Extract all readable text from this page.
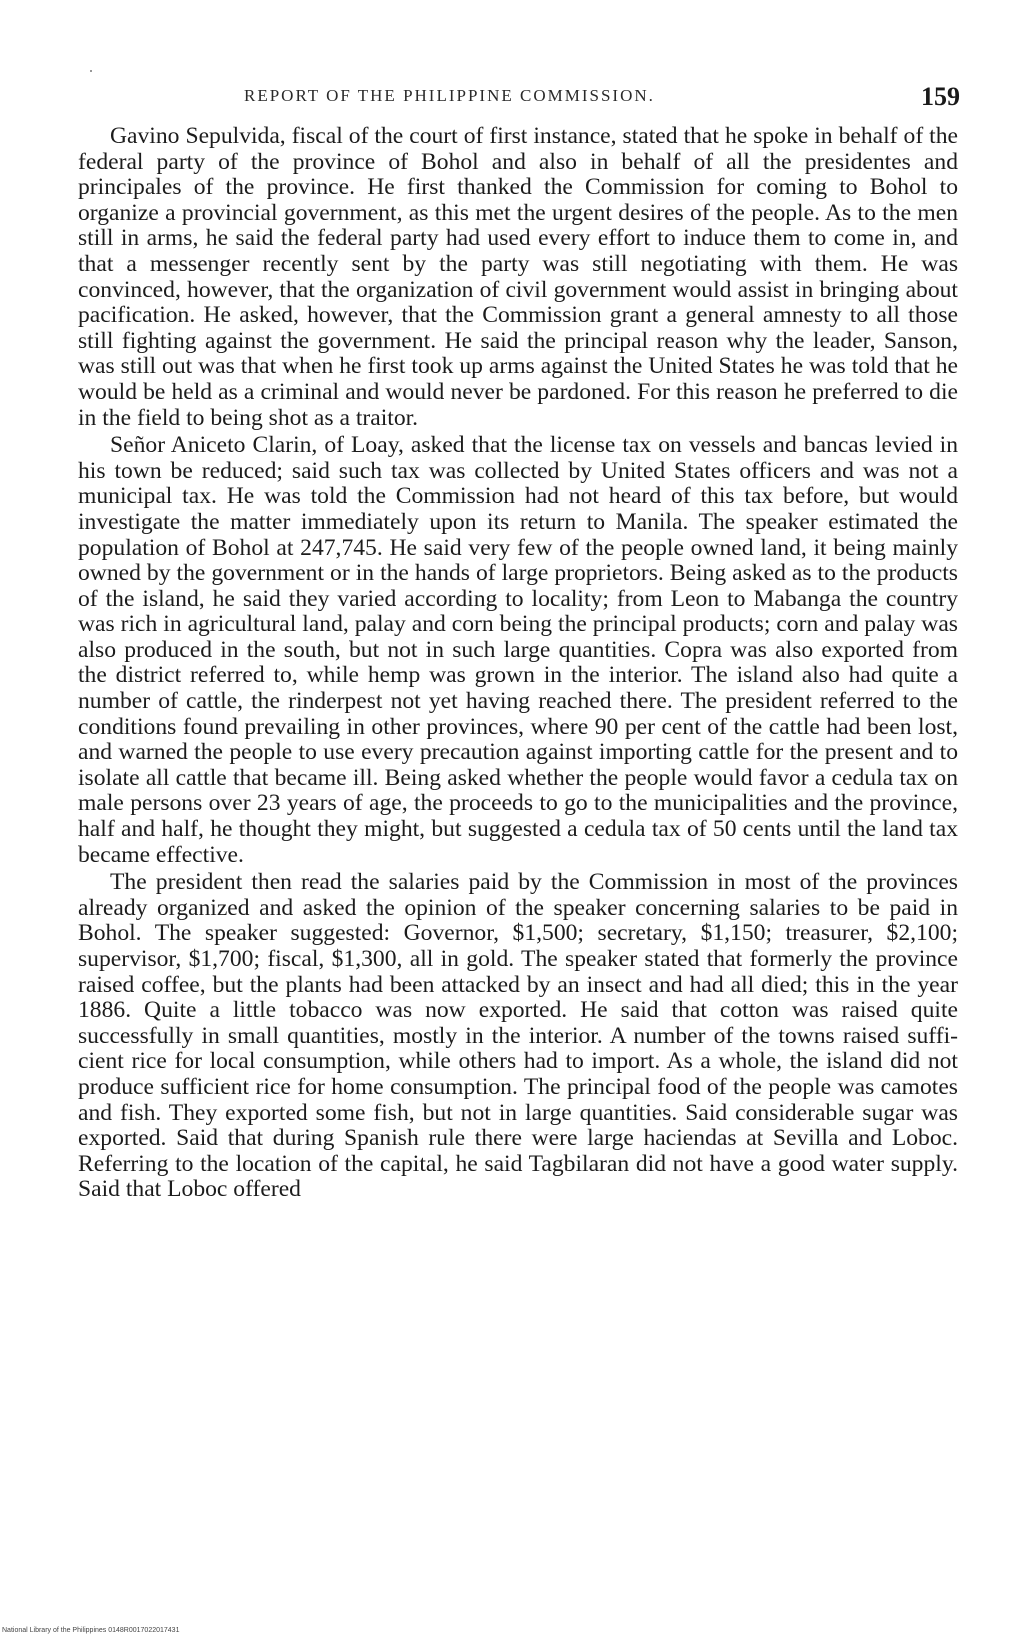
REPORT OF THE PHILIPPINE COMMISSION.	159

Gavino Sepulvida, fiscal of the court of first instance, stated that he spoke in behalf of the federal party of the province of Bohol and also in behalf of all the presidentes and principales of the province. He first thanked the Commission for coming to Bohol to organize a provincial government, as this met the urgent desires of the people. As to the men still in arms, he said the federal party had used every effort to induce them to come in, and that a messenger recently sent by the party was still negotiating with them. He was convinced, however, that the organization of civil government would assist in bringing about pacification. He asked, however, that the Commission grant a general amnesty to all those still fighting against the government. He said the principal reason why the leader, Sanson, was still out was that when he first took up arms against the United States he was told that he would be held as a criminal and would never be pardoned. For this reason he preferred to die in the field to being shot as a traitor.

Señor Aniceto Clarin, of Loay, asked that the license tax on vessels and bancas levied in his town be reduced; said such tax was collected by United States officers and was not a municipal tax. He was told the Commission had not heard of this tax before, but would investigate the matter immediately upon its return to Manila. The speaker estimated the population of Bohol at 247,745. He said very few of the people owned land, it being mainly owned by the government or in the hands of large proprietors. Being asked as to the products of the island, he said they varied according to locality; from Leon to Mabanga the country was rich in agricultural land, palay and corn being the principal products; corn and palay was also produced in the south, but not in such large quantities. Copra was also exported from the district referred to, while hemp was grown in the interior. The island also had quite a number of cattle, the rinderpest not yet having reached there. The president referred to the conditions found prevailing in other provinces, where 90 per cent of the cattle had been lost, and warned the people to use every precaution against importing cattle for the present and to isolate all cattle that became ill. Being asked whether the people would favor a cedula tax on male persons over 23 years of age, the proceeds to go to the municipalities and the province, half and half, he thought they might, but suggested a cedula tax of 50 cents until the land tax became effective.

The president then read the salaries paid by the Commission in most of the provinces already organized and asked the opinion of the speaker concerning salaries to be paid in Bohol. The speaker suggested: Governor, $1,500; secretary, $1,150; treasurer, $2,100; supervisor, $1,700; fiscal, $1,300, all in gold. The speaker stated that formerly the province raised coffee, but the plants had been attacked by an insect and had all died; this in the year 1886. Quite a little tobacco was now exported. He said that cotton was raised quite successfully in small quantities, mostly in the interior. A number of the towns raised sufficient rice for local consumption, while others had to import. As a whole, the island did not produce sufficient rice for home consumption. The principal food of the people was camotes and fish. They exported some fish, but not in large quantities. Said considerable sugar was exported. Said that during Spanish rule there were large haciendas at Sevilla and Loboc. Referring to the location of the capital, he said Tagbilaran did not have a good water supply. Said that Loboc offered

National Library of the Philippines 0148R0017022017431
